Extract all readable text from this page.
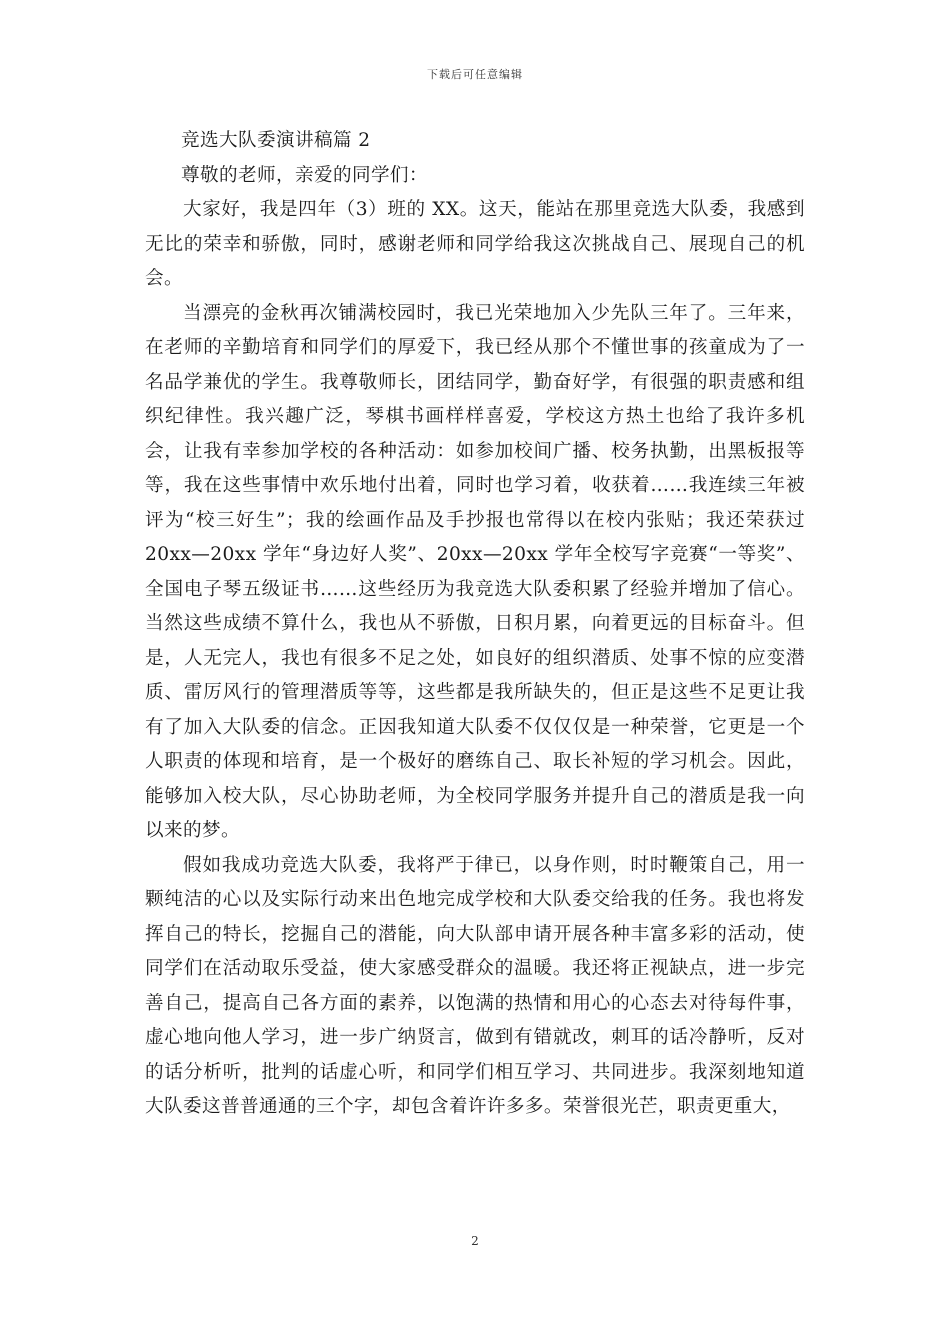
下载后可任意编辑

竞选大队委演讲稿篇 2

尊敬的老师，亲爱的同学们：

大家好，我是四年（3）班的 XX。这天，能站在那里竞选大队委，我感到无比的荣幸和骄傲，同时，感谢老师和同学给我这次挑战自己、展现自己的机会。

当漂亮的金秋再次铺满校园时，我已光荣地加入少先队三年了。三年来，在老师的辛勤培育和同学们的厚爱下，我已经从那个不懂世事的孩童成为了一名品学兼优的学生。我尊敬师长，团结同学，勤奋好学，有很强的职责感和组织纪律性。我兴趣广泛，琴棋书画样样喜爱，学校这方热土也给了我许多机会，让我有幸参加学校的各种活动：如参加校间广播、校务执勤，出黑板报等等，我在这些事情中欢乐地付出着，同时也学习着，收获着……我连续三年被评为“校三好生”；我的绘画作品及手抄报也常得以在校内张贴；我还荣获过 20xx—20xx 学年“身边好人奖”、20xx—20xx 学年全校写字竞赛“一等奖”、全国电子琴五级证书……这些经历为我竞选大队委积累了经验并增加了信心。当然这些成绩不算什么，我也从不骄傲，日积月累，向着更远的目标奋斗。但是，人无完人，我也有很多不足之处，如良好的组织潜质、处事不惊的应变潜质、雷厉风行的管理潜质等等，这些都是我所缺失的，但正是这些不足更让我有了加入大队委的信念。正因我知道大队委不仅仅仅是一种荣誉，它更是一个人职责的体现和培育，是一个极好的磨练自己、取长补短的学习机会。因此，能够加入校大队，尽心协助老师，为全校同学服务并提升自己的潜质是我一向以来的梦。

假如我成功竞选大队委，我将严于律已，以身作则，时时鞭策自己，用一颗纯洁的心以及实际行动来出色地完成学校和大队委交给我的任务。我也将发挥自己的特长，挖掘自己的潜能，向大队部申请开展各种丰富多彩的活动，使同学们在活动取乐受益，使大家感受群众的温暖。我还将正视缺点，进一步完善自己，提高自己各方面的素养，以饱满的热情和用心的心态去对待每件事，虚心地向他人学习，进一步广纳贤言，做到有错就改，刺耳的话冷静听，反对的话分析听，批判的话虚心听，和同学们相互学习、共同进步。我深刻地知道大队委这普普通通的三个字，却包含着许许多多。荣誉很光芒，职责更重大，

2
